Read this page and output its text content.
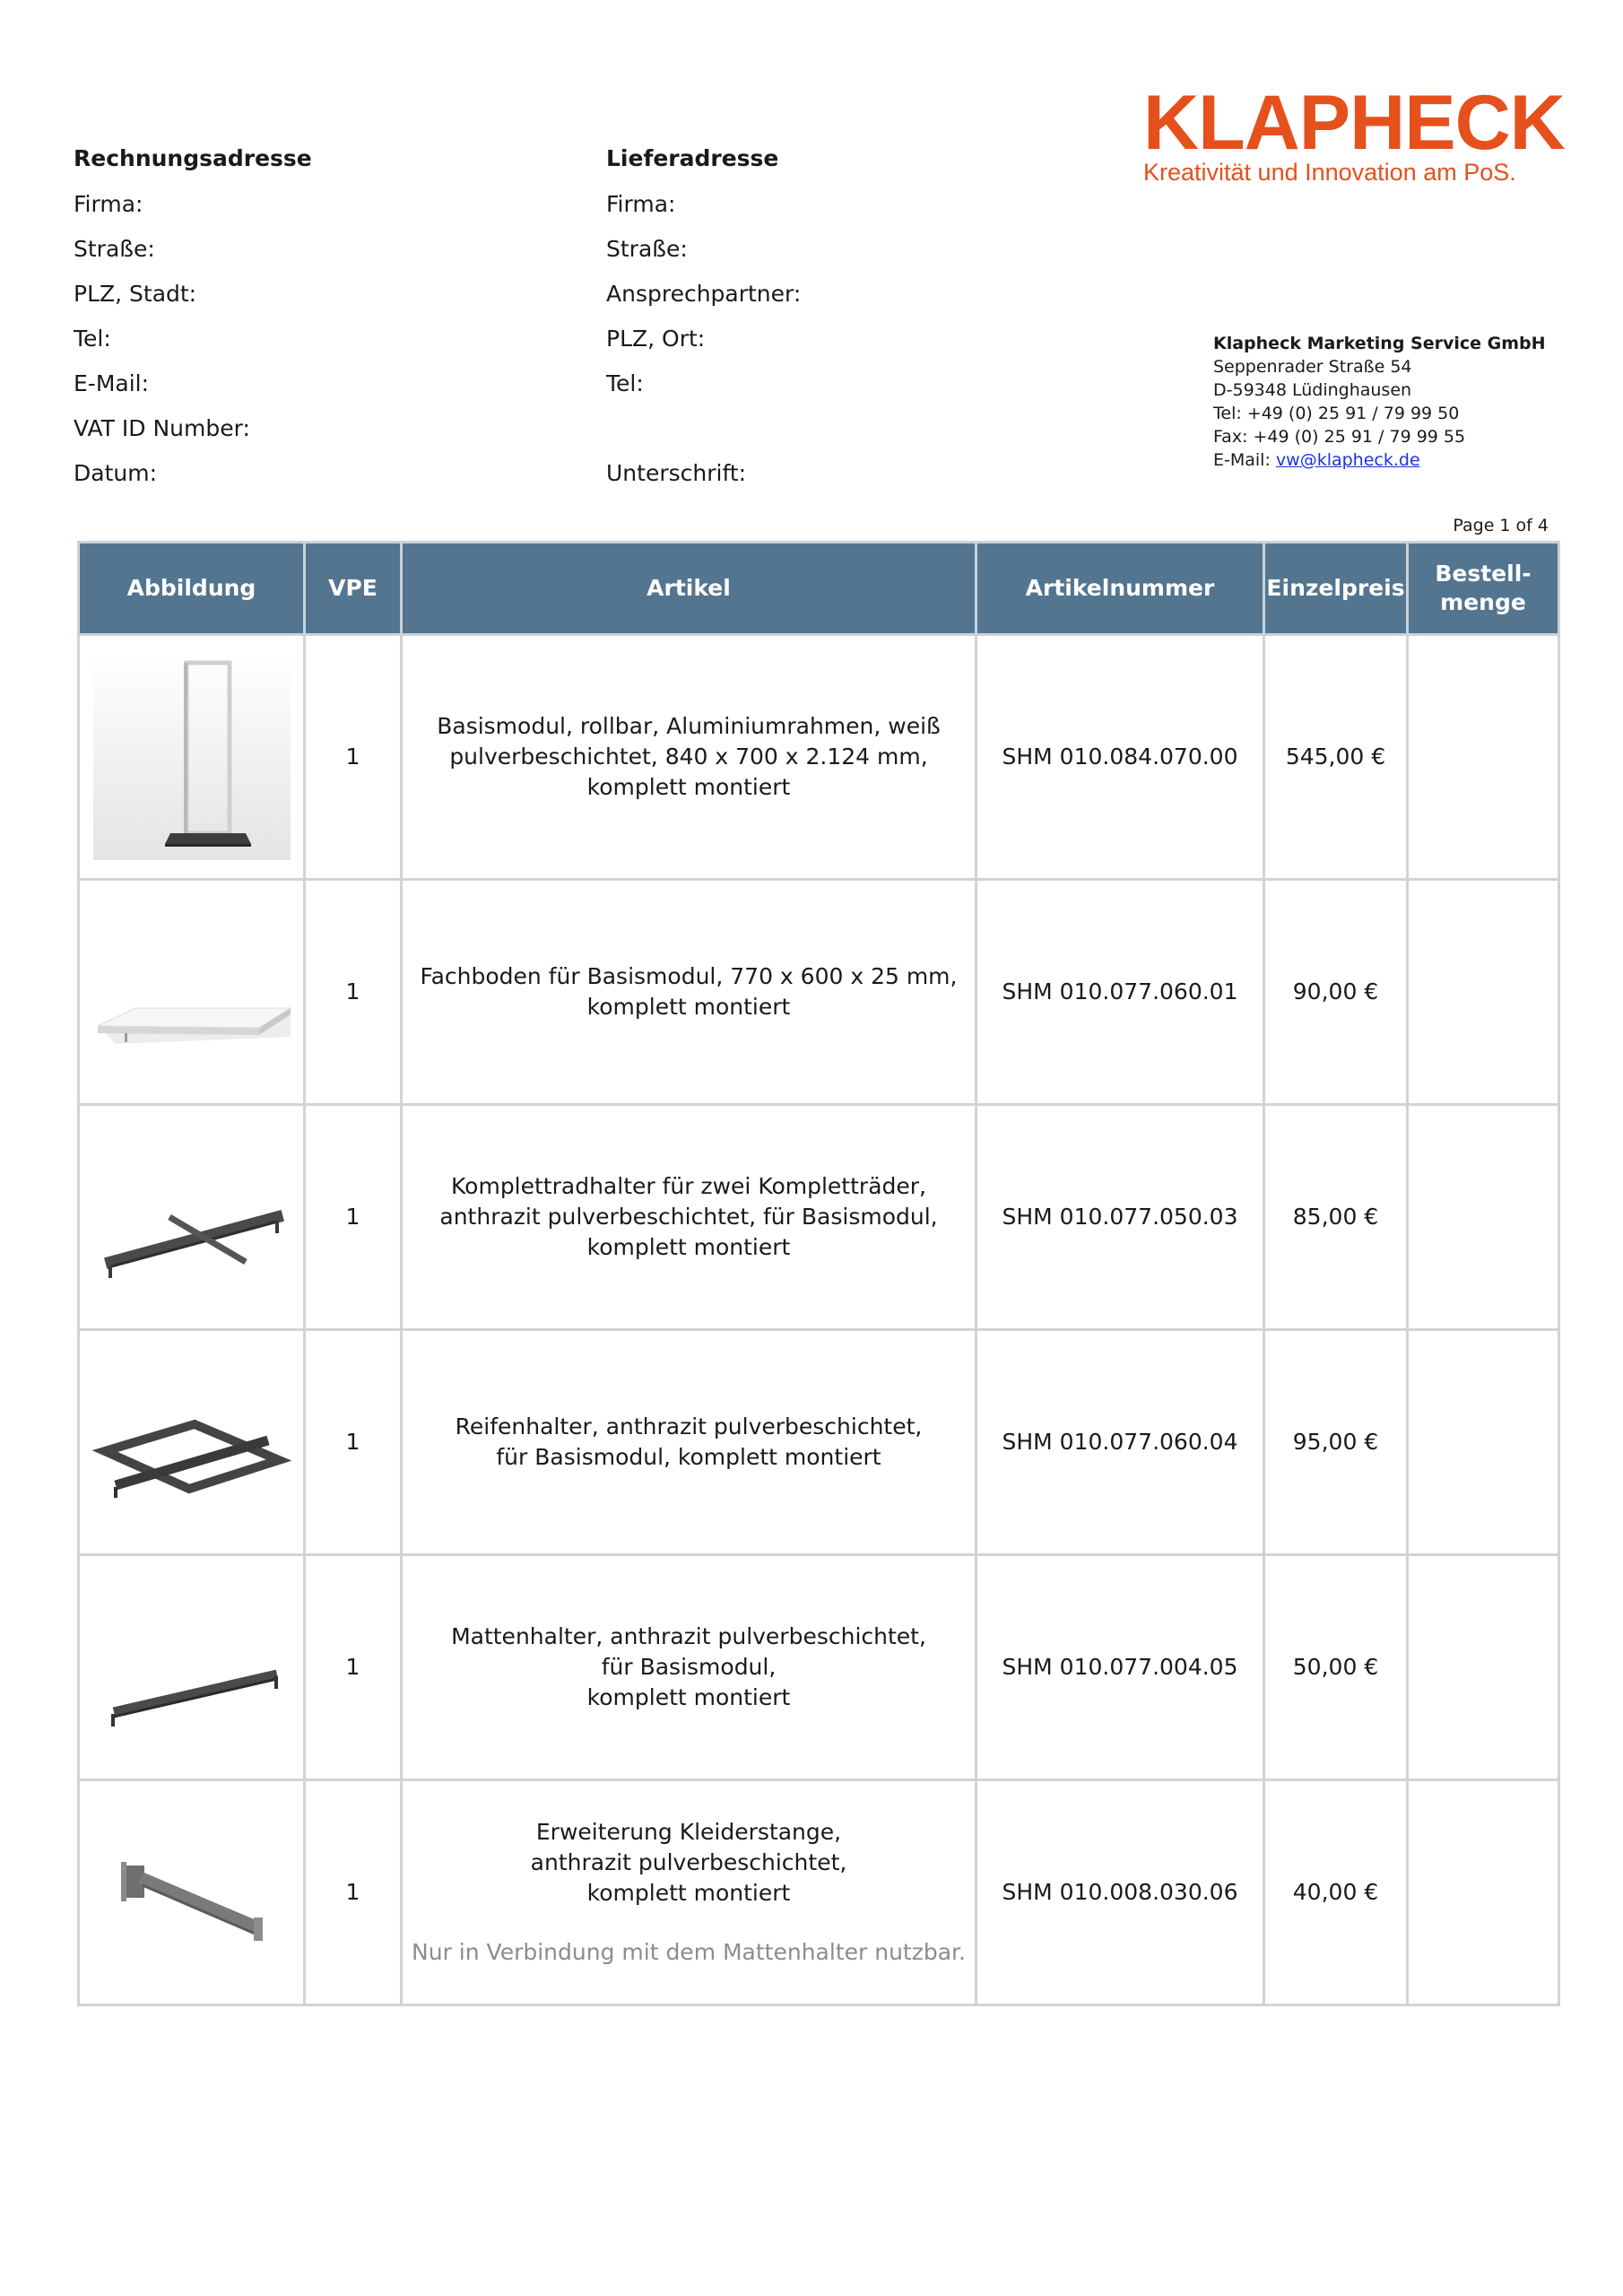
Rechnungsadresse
Firma:
Straße:
PLZ, Stadt:
Tel:
E-Mail:
VAT ID Number:
Datum:
Lieferadresse
Firma:
Straße:
Ansprechpartner:
PLZ, Ort:
Tel:
Unterschrift:
KLAPHECK
Kreativität und Innovation am PoS.
Klapheck Marketing Service GmbH
Seppenrader Straße 54
D-59348 Lüdinghausen
Tel: +49 (0) 25 91 / 79 99 50
Fax: +49 (0) 25 91 / 79 99 55
E-Mail: vw@klapheck.de
Page 1 of 4
Abbildung	VPE	Artikel	Artikelnummer	Einzelpreis	Bestell-
menge

	1	Basismodul, rollbar, Aluminiumrahmen, weiß
pulverbeschichtet, 840 x 700 x 2.124 mm,
komplett montiert	SHM 010.084.070.00	545,00 €	

	1	Fachboden für Basismodul, 770 x 600 x 25 mm,
komplett montiert	SHM 010.077.060.01	90,00 €	

	1	Komplettradhalter für zwei Kompletträder,
anthrazit pulverbeschichtet, für Basismodul,
komplett montiert	SHM 010.077.050.03	85,00 €	

	1	Reifenhalter, anthrazit pulverbeschichtet,
für Basismodul, komplett montiert	SHM 010.077.060.04	95,00 €	

	1	Mattenhalter, anthrazit pulverbeschichtet,
für Basismodul,
komplett montiert	SHM 010.077.004.05	50,00 €	

	1	Erweiterung Kleiderstange,
anthrazit pulverbeschichtet,
komplett montiert
Nur in Verbindung mit dem Mattenhalter nutzbar.	SHM 010.008.030.06	40,00 €	
